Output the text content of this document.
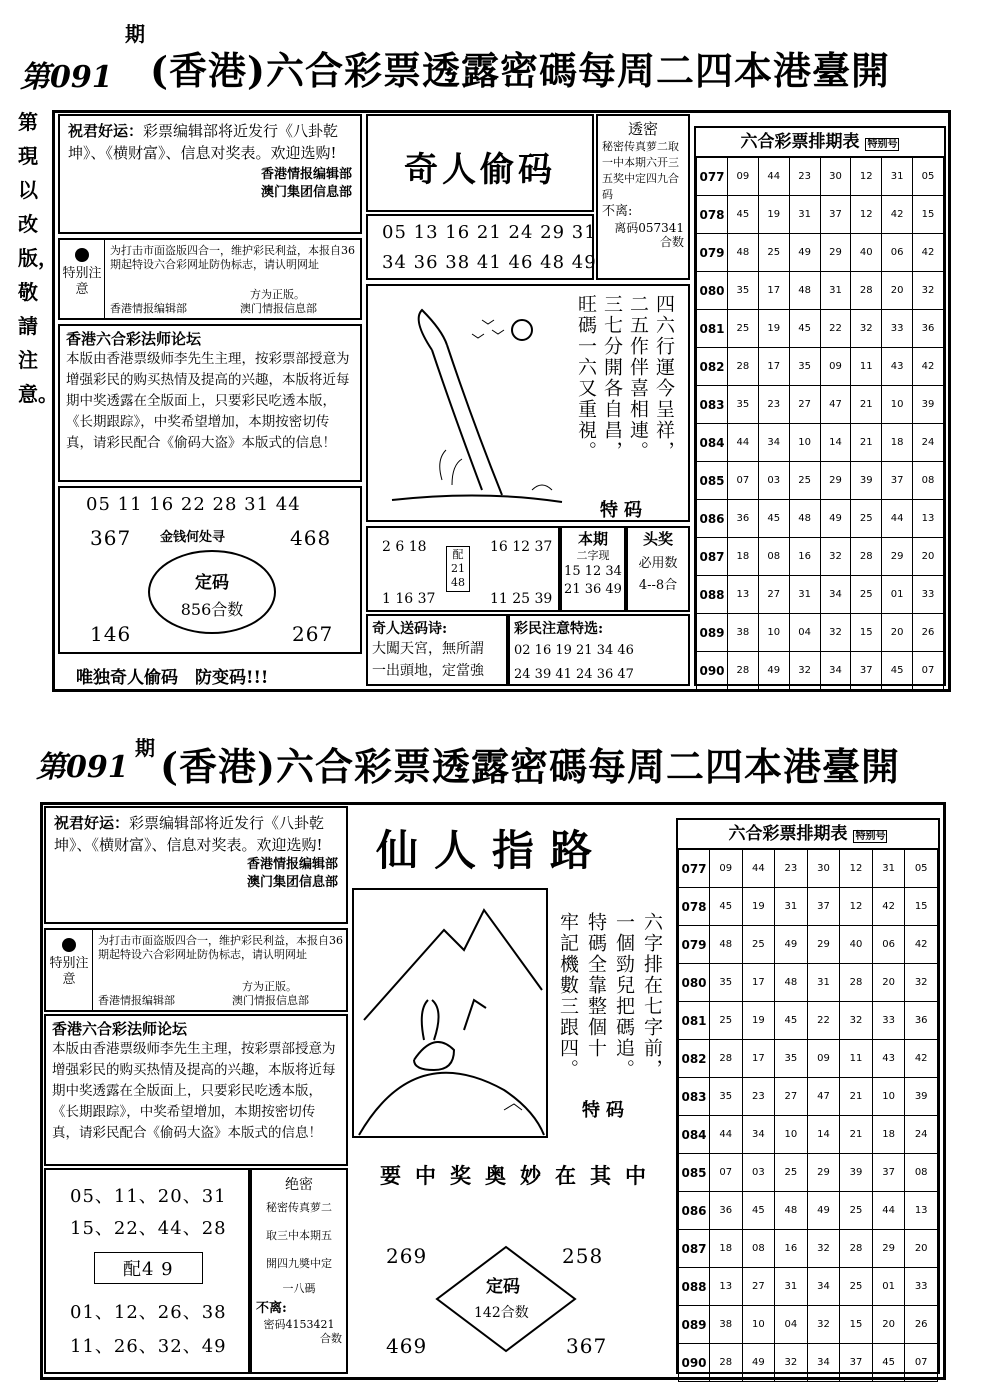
第091
期
(香港)六合彩票透露密碼每周二四本港臺開
第現以改版，敬請注意。
祝君好运：彩票编辑部将近发行《八卦乾坤》、《横财富》、信息对奖表。欢迎选购!
香港情报编辑部
澳门集团信息部
特别注意
为打击市面盗版四合一，维护彩民利益，本报自36期起特设六合彩网址防伪标志，请认明网址
方为正版。
香港情报编辑部	澳门情报信息部
香港六合彩法师论坛
本版由香港票级师李先生主理，按彩票部授意为增强彩民的购买热情及提高的兴趣，本版将近每期中奖透露在全版面上，只要彩民吃透本版，《长期跟踪》，中奖希望增加，本期按密切传真，请彩民配合《偷码大盗》本版式的信息！
05 11 16 22 28 31 44
367	468
金钱何处寻
定码
856合数
146	267
唯独奇人偷码　防变码!!!
奇人偷码
05 13 16 21 24 29 31
34 36 38 41 46 48 49
透密
秘密传真萝二取一中本期六开三五奖中定四九合码
不离:
离码057341
合数
四六行運今呈祥，
二五作伴喜相連。
三七分開各自昌，
旺碼一六又重視。
特码
2 6 18
1 16 37
配
21
48
16 12 37
11 25 39
本期
二字现
15 12 34
21 36 49
头奖
必用数
4--8合
奇人送码诗:
大闖天宮，無所謂
一出頭地，定當強
彩民注意特选:
02 16 19 21 34 46
24 39 41 24 36 47
六合彩票排期表 特别号
077	09	44	23	30	12	31	05
078	45	19	31	37	12	42	15
079	48	25	49	29	40	06	42
080	35	17	48	31	28	20	32
081	25	19	45	22	32	33	36
082	28	17	35	09	11	43	42
083	35	23	27	47	21	10	39
084	44	34	10	14	21	18	24
085	07	03	25	29	39	37	08
086	36	45	48	49	25	44	13
087	18	08	16	32	28	29	20
088	13	27	31	34	25	01	33
089	38	10	04	32	15	20	26
090	28	49	32	34	37	45	07
第091
期 (香港)六合彩票透露密碼每周二四本港臺開
祝君好运：彩票编辑部将近发行《八卦乾坤》、《横财富》、信息对奖表。欢迎选购!
香港情报编辑部
澳门集团信息部
特别注意
为打击市面盗版四合一，维护彩民利益，本报自36期起特设六合彩网址防伪标志，请认明网址
方为正版。
香港情报编辑部	澳门情报信息部
香港六合彩法师论坛
本版由香港票级师李先生主理，按彩票部授意为增强彩民的购买热情及提高的兴趣，本版将近每期中奖透露在全版面上，只要彩民吃透本版，《长期跟踪》，中奖希望增加，本期按密切传真，请彩民配合《偷码大盗》本版式的信息！
05、11、20、31
15、22、44、28
配4 9
01、12、26、38
11、26、32、49
绝密
秘密传真萝二
取三中本期五
開四九奬中定
一八碼
不离:
密码4153421
合数
仙人指路
六字排在七字前，
一個勁兒把碼追。
特碼全靠整個十
牢記機數三跟四。
特码
要中奖奥妙在其中
269	258
定码
142合数
469	367
六合彩票排期表 特别号
077	09	44	23	30	12	31	05
078	45	19	31	37	12	42	15
079	48	25	49	29	40	06	42
080	35	17	48	31	28	20	32
081	25	19	45	22	32	33	36
082	28	17	35	09	11	43	42
083	35	23	27	47	21	10	39
084	44	34	10	14	21	18	24
085	07	03	25	29	39	37	08
086	36	45	48	49	25	44	13
087	18	08	16	32	28	29	20
088	13	27	31	34	25	01	33
089	38	10	04	32	15	20	26
090	28	49	32	34	37	45	07
